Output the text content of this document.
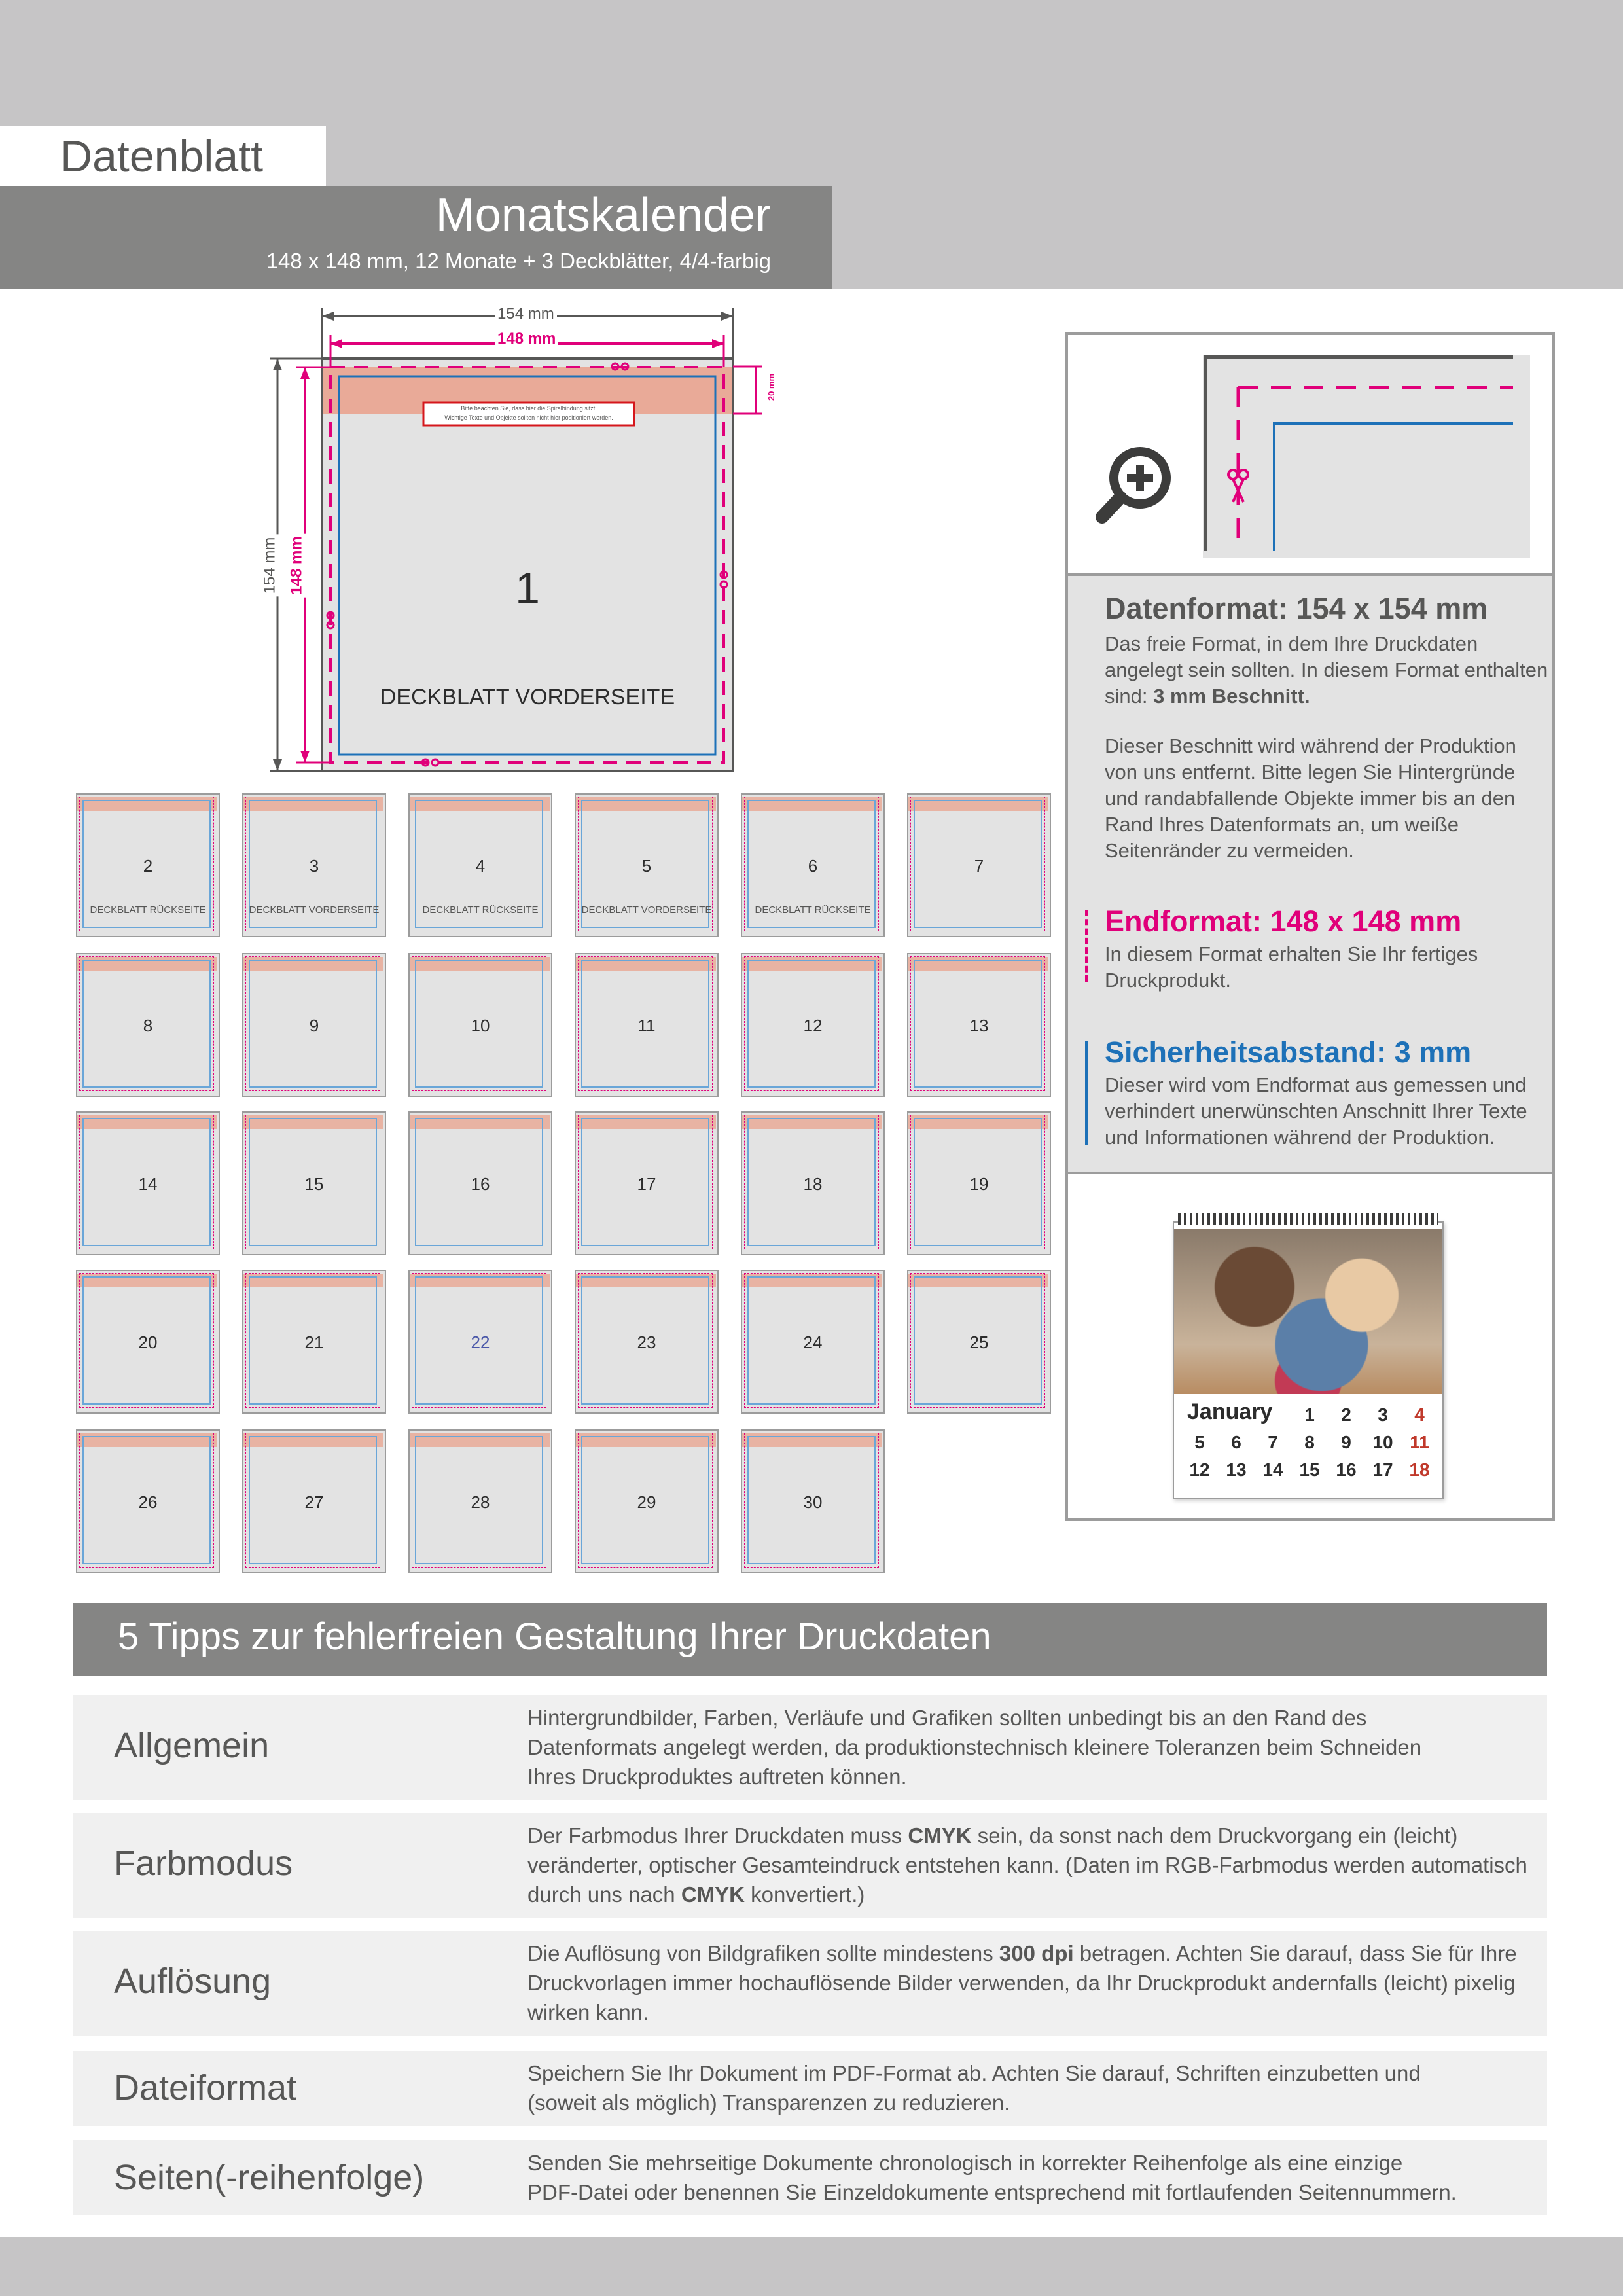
Datenblatt
Monatskalender
148 x 148 mm, 12 Monate + 3 Deckblätter, 4/4-farbig
154 mm
148 mm
154 mm 148 mm
20 mm
Bitte beachten Sie, dass hier die Spiralbindung sitzt!
Wichtige Texte und Objekte sollten nicht hier positioniert werden.
1
DECKBLATT VORDERSEITE
2
DECKBLATT RÜCKSEITE
3
DECKBLATT VORDERSEITE
4
DECKBLATT RÜCKSEITE
5
DECKBLATT VORDERSEITE
6
DECKBLATT RÜCKSEITE
7
8	9	10	11	12	13
14	15	16	17	18	19
20	21	22	23	24	25
26	27	28	29	30
Datenformat: 154 x 154 mm
Das freie Format, in dem Ihre Druckdaten angelegt sein sollten. In diesem Format enthalten sind: 3 mm Beschnitt.
Dieser Beschnitt wird während der Produktion von uns entfernt. Bitte legen Sie Hintergründe und randabfallende Objekte immer bis an den Rand Ihres Datenformats an, um weiße Seitenränder zu vermeiden.
Endformat: 148 x 148 mm
In diesem Format erhalten Sie Ihr fertiges Druckprodukt.
Sicherheitsabstand: 3 mm
Dieser wird vom Endformat aus gemessen und verhindert unerwünschten Anschnitt Ihrer Texte und Informationen während der Produktion.
January	1	2	3	4
5	6	7	8	9	10 11
12 13 14 15 16 17 18
5 Tipps zur fehlerfreien Gestaltung Ihrer Druckdaten
Allgemein
Hintergrundbilder, Farben, Verläufe und Grafiken sollten unbedingt bis an den Rand des
Datenformats angelegt werden, da produktionstechnisch kleinere Toleranzen beim Schneiden
Ihres Druckproduktes auftreten können.
Farbmodus
Der Farbmodus Ihrer Druckdaten muss CMYK sein, da sonst nach dem Druckvorgang ein (leicht) veränderter, optischer Gesamteindruck entstehen kann. (Daten im RGB-Farbmodus werden automatisch durch uns nach CMYK konvertiert.)
Auflösung
Die Auflösung von Bildgrafiken sollte mindestens 300 dpi betragen. Achten Sie darauf, dass Sie für Ihre Druckvorlagen immer hochauflösende Bilder verwenden, da Ihr Druckprodukt andernfalls (leicht) pixelig wirken kann.
Dateiformat	Speichern Sie Ihr Dokument im PDF-Format ab. Achten Sie darauf, Schriften einzubetten und
(soweit als möglich) Transparenzen zu reduzieren.
Seiten(-reihenfolge)	Senden Sie mehrseitige Dokumente chronologisch in korrekter Reihenfolge als eine einzige
PDF-Datei oder benennen Sie Einzeldokumente entsprechend mit fortlaufenden Seitennummern.
